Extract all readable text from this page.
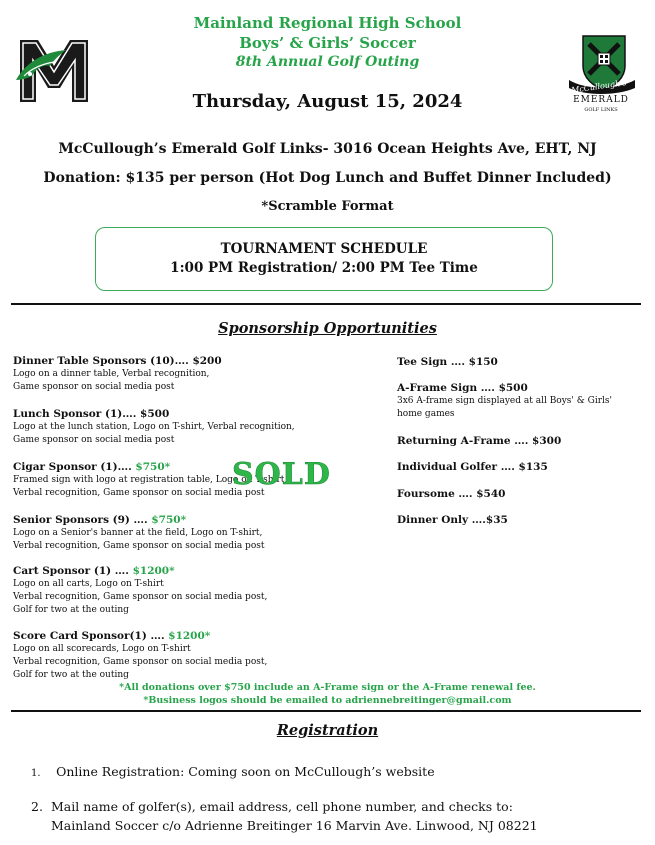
McCullough's
EMERALD
GOLF LINKS
Mainland Regional High School
Boys’ & Girls’ Soccer
8th Annual Golf Outing
Thursday, August 15, 2024
McCullough’s Emerald Golf Links- 3016 Ocean Heights Ave, EHT, NJ
Donation: $135 per person (Hot Dog Lunch and Buffet Dinner Included)
*Scramble Format
TOURNAMENT SCHEDULE
1:00 PM Registration/ 2:00 PM Tee Time
Sponsorship Opportunities
Dinner Table Sponsors (10)…. $200
Logo on a dinner table, Verbal recognition,
Game sponsor on social media post
Lunch Sponsor (1)…. $500
Logo at the lunch station, Logo on T-shirt, Verbal recognition,
Game sponsor on social media post
Cigar Sponsor (1)…. $750*
Framed sign with logo at registration table, Logo on T-shirt,
Verbal recognition, Game sponsor on social media post
Senior Sponsors (9) …. $750*
Logo on a Senior's banner at the field, Logo on T-shirt,
Verbal recognition, Game sponsor on social media post
Cart Sponsor (1) …. $1200*
Logo on all carts, Logo on T-shirt
Verbal recognition, Game sponsor on social media post,
Golf for two at the outing
Score Card Sponsor(1) …. $1200*
Logo on all scorecards, Logo on T-shirt
Verbal recognition, Game sponsor on social media post,
Golf for two at the outing
SOLD
Tee Sign …. $150
A-Frame Sign …. $500
3x6 A-frame sign displayed at all Boys' & Girls'
home games
Returning A-Frame …. $300
Individual Golfer …. $135
Foursome …. $540
Dinner Only ….$35
*All donations over $750 include an A-Frame sign or the A-Frame renewal fee.
*Business logos should be emailed to adriennebreitinger@gmail.com
Registration
1. Online Registration: Coming soon on McCullough’s website
2. Mail name of golfer(s), email address, cell phone number, and checks to:
Mainland Soccer c/o Adrienne Breitinger 16 Marvin Ave. Linwood, NJ 08221
